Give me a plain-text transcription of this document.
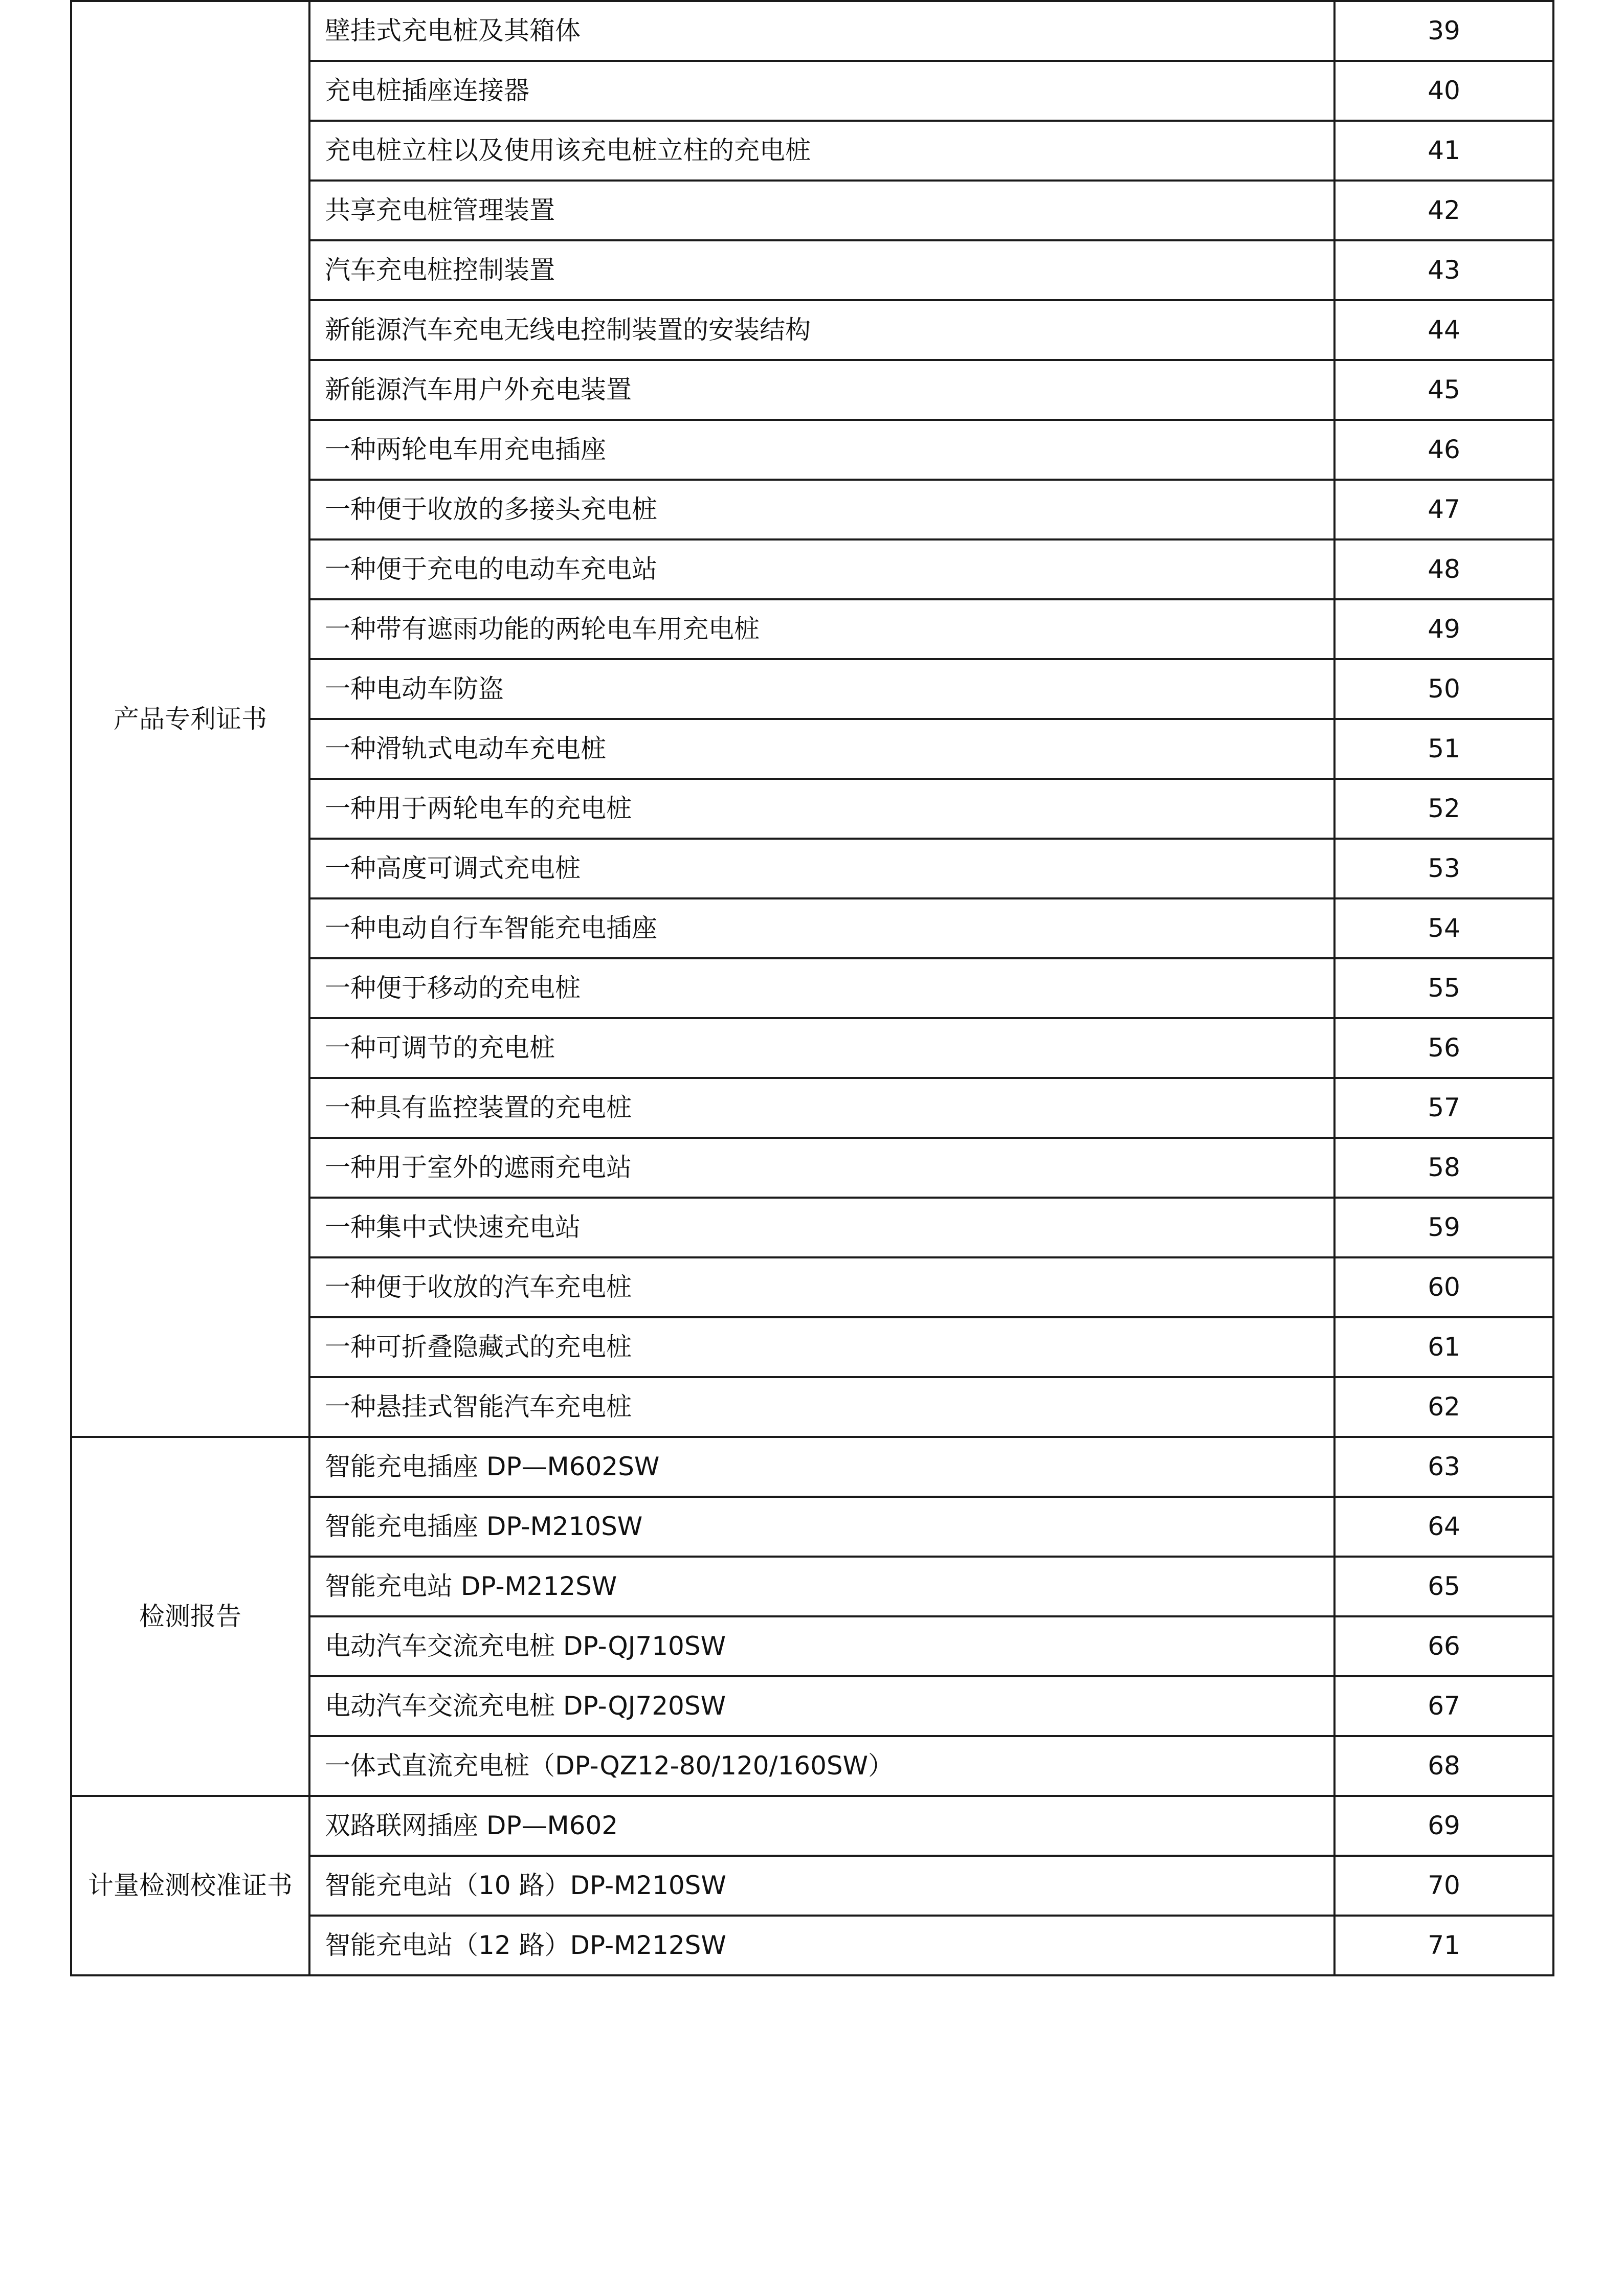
产品专利证书	壁挂式充电桩及其箱体	39
	充电桩插座连接器	40
	充电桩立柱以及使用该充电桩立柱的充电桩	41
	共享充电桩管理装置	42
	汽车充电桩控制装置	43
	新能源汽车充电无线电控制装置的安装结构	44
	新能源汽车用户外充电装置	45
	一种两轮电车用充电插座	46
	一种便于收放的多接头充电桩	47
	一种便于充电的电动车充电站	48
	一种带有遮雨功能的两轮电车用充电桩	49
	一种电动车防盗	50
	一种滑轨式电动车充电桩	51
	一种用于两轮电车的充电桩	52
	一种高度可调式充电桩	53
	一种电动自行车智能充电插座	54
	一种便于移动的充电桩	55
	一种可调节的充电桩	56
	一种具有监控装置的充电桩	57
	一种用于室外的遮雨充电站	58
	一种集中式快速充电站	59
	一种便于收放的汽车充电桩	60
	一种可折叠隐藏式的充电桩	61
	一种悬挂式智能汽车充电桩	62
检测报告	智能充电插座 DP—M602SW	63
	智能充电插座 DP-M210SW	64
	智能充电站 DP-M212SW	65
	电动汽车交流充电桩 DP-QJ710SW	66
	电动汽车交流充电桩 DP-QJ720SW	67
	一体式直流充电桩（DP-QZ12-80/120/160SW）	68
计量检测校准证书	双路联网插座 DP—M602	69
	智能充电站（10 路）DP-M210SW	70
	智能充电站（12 路）DP-M212SW	71
